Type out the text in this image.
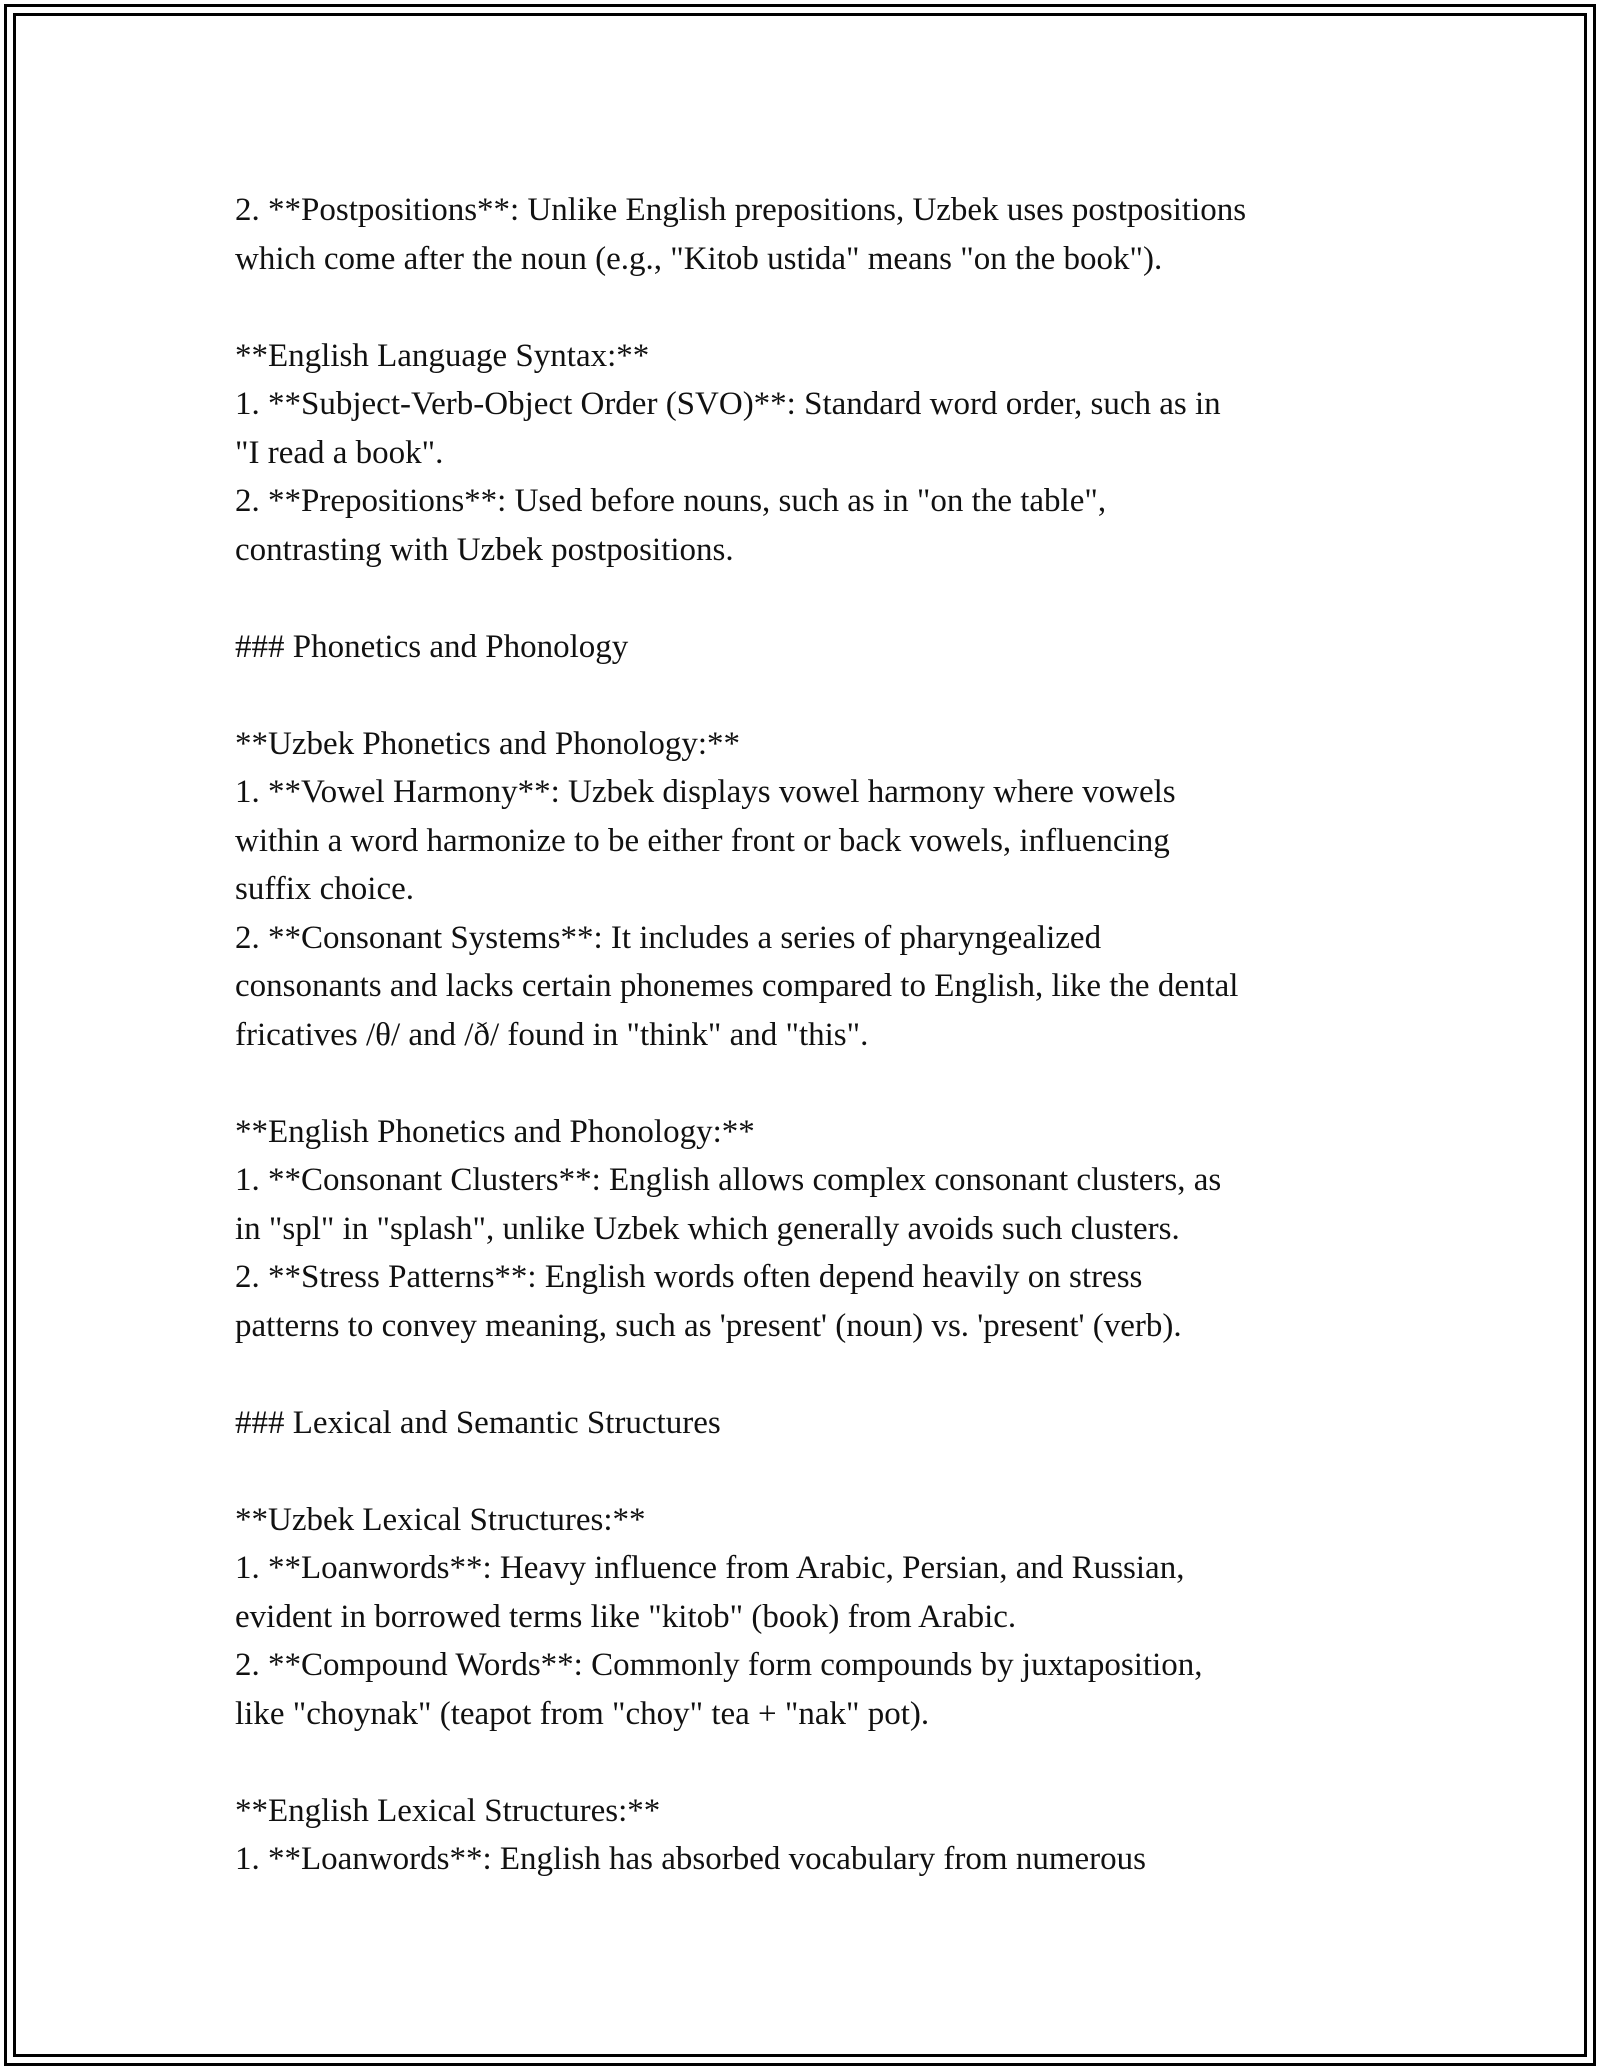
2. **Postpositions**: Unlike English prepositions, Uzbek uses postpositions
which come after the noun (e.g., "Kitob ustida" means "on the book").
**English Language Syntax:**
1. **Subject-Verb-Object Order (SVO)**: Standard word order, such as in
"I read a book".
2. **Prepositions**: Used before nouns, such as in "on the table",
contrasting with Uzbek postpositions.
### Phonetics and Phonology
**Uzbek Phonetics and Phonology:**
1. **Vowel Harmony**: Uzbek displays vowel harmony where vowels
within a word harmonize to be either front or back vowels, influencing
suffix choice.
2. **Consonant Systems**: It includes a series of pharyngealized
consonants and lacks certain phonemes compared to English, like the dental
fricatives /θ/ and /ð/ found in "think" and "this".
**English Phonetics and Phonology:**
1. **Consonant Clusters**: English allows complex consonant clusters, as
in "spl" in "splash", unlike Uzbek which generally avoids such clusters.
2. **Stress Patterns**: English words often depend heavily on stress
patterns to convey meaning, such as 'present' (noun) vs. 'present' (verb).
### Lexical and Semantic Structures
**Uzbek Lexical Structures:**
1. **Loanwords**: Heavy influence from Arabic, Persian, and Russian,
evident in borrowed terms like "kitob" (book) from Arabic.
2. **Compound Words**: Commonly form compounds by juxtaposition,
like "choynak" (teapot from "choy" tea + "nak" pot).
**English Lexical Structures:**
1. **Loanwords**: English has absorbed vocabulary from numerous
